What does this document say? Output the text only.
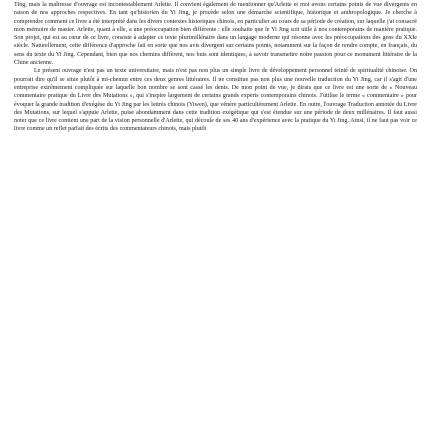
Ting, mais la maîtresse d'ouvrage est incontestablement Arlette. Il convient également de mentionner qu'Arlette et moi avons certains points de vue divergents en raison de nos approches respectives. En tant qu'historien du Yi Jing, je procède selon une démarche scientifique, historique et anthropologique. Je cherche à comprendre comment ce livre a été interprété dans les divers contextes historiques chinois, en particulier au cours de sa période de création, sur laquelle j'ai consacré mon mémoire de master. Arlette, quant à elle, a une préoccupation bien différente : elle souhaite que le Yi Jing soit utile à nos contemporains de manière pratique. Son projet, qui est au cœur de ce livre, consiste à adapter ce texte plurimillénaire dans un langage moderne qui résonne avec les préoccupations des gens du XXIe siècle. Naturellement, cette différence d'approche fait en sorte que nos avis divergent sur certains points, notamment sur la façon de rendre compte, en français, du sens du texte du Yi Jing. Cependant, bien que nos chemins diffèrent, nos buts sont identiques, à savoir transmettre notre passion pour ce monument littéraire de la Chine ancienne.

Le présent ouvrage n'est pas un texte universitaire, mais n'est pas non plus un simple livre de développement personnel teinté de spiritualité chinoise. On pourrait dire qu'il se situe plutôt à mi-chemin entre ces deux genres littéraires. Il ne constitue pas non plus une nouvelle traduction du Yi Jing, car il s'agit d'une entreprise extrêmement compliquée sur laquelle bon nombre se sont cassé les dents. De mon point de vue, je dirais que ce livre est une sorte de « Nouveau commentaire pratique du Livre des Mutations », qui s'inspire largement de certains grands experts contemporains chinois. J'utilise le terme « commentaire » pour évoquer la grande tradition d'exégèse du Yi Jing par les lettrés chinois (Yiwen), que vénère particulièrement Arlette. En outre, l'ouvrage Traduction annotée du Livre des Mutations, sur lequel s'appuie Arlette, puise abondamment dans cette tradition exégétique qui s'est étendue sur une période de deux millénaires. Il faut aussi noter que ce livre contient une part de la vision personnelle d'Arlette, qui découle de ses 40 ans d'expérience avec la pratique du Yi Jing. Ainsi, il ne faut pas voir ce livre comme un reflet parfait des écrits des commentateurs chinois, mais plutôt
